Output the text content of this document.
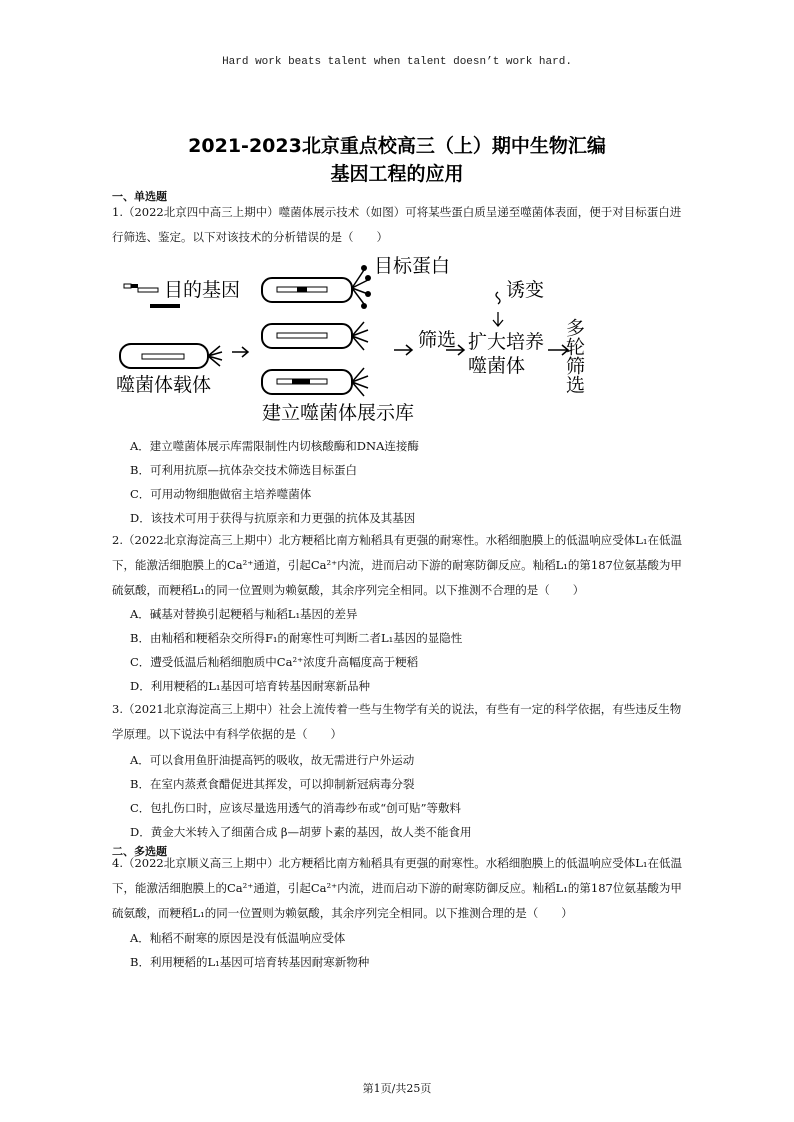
Hard work beats talent when talent doesn’t work hard.
2021-2023北京重点校高三（上）期中生物汇编
基因工程的应用
一、单选题
1.（2022北京四中高三上期中）噬菌体展示技术（如图）可将某些蛋白质呈递至噬菌体表面，便于对目标蛋白进行筛选、鉴定。以下对该技术的分析错误的是（　　）
目的基因
噬菌体载体
目标蛋白
建立噬菌体展示库
筛选
诱变
扩大培养
噬菌体 多轮筛选
A．建立噬菌体展示库需限制性内切核酸酶和DNA连接酶
B．可利用抗原—抗体杂交技术筛选目标蛋白
C．可用动物细胞做宿主培养噬菌体
D．该技术可用于获得与抗原亲和力更强的抗体及其基因
2.（2022北京海淀高三上期中）北方粳稻比南方籼稻具有更强的耐寒性。水稻细胞膜上的低温响应受体L₁在低温下，能激活细胞膜上的Ca²⁺通道，引起Ca²⁺内流，进而启动下游的耐寒防御反应。籼稻L₁的第187位氨基酸为甲硫氨酸，而粳稻L₁的同一位置则为赖氨酸，其余序列完全相同。以下推测不合理的是（　　）
A．碱基对替换引起粳稻与籼稻L₁基因的差异
B．由籼稻和粳稻杂交所得F₁的耐寒性可判断二者L₁基因的显隐性
C．遭受低温后籼稻细胞质中Ca²⁺浓度升高幅度高于粳稻
D．利用粳稻的L₁基因可培育转基因耐寒新品种
3.（2021北京海淀高三上期中）社会上流传着一些与生物学有关的说法，有些有一定的科学依据，有些违反生物学原理。以下说法中有科学依据的是（　　）
A．可以食用鱼肝油提高钙的吸收，故无需进行户外运动
B．在室内蒸煮食醋促进其挥发，可以抑制新冠病毒分裂
C．包扎伤口时，应该尽量选用透气的消毒纱布或“创可贴”等敷料
D．黄金大米转入了细菌合成 β—胡萝卜素的基因，故人类不能食用
二、多选题
4.（2022北京顺义高三上期中）北方粳稻比南方籼稻具有更强的耐寒性。水稻细胞膜上的低温响应受体L₁在低温下，能激活细胞膜上的Ca²⁺通道，引起Ca²⁺内流，进而启动下游的耐寒防御反应。籼稻L₁的第187位氨基酸为甲硫氨酸，而粳稻L₁的同一位置则为赖氨酸，其余序列完全相同。以下推测合理的是（　　）
A．籼稻不耐寒的原因是没有低温响应受体
B．利用粳稻的L₁基因可培育转基因耐寒新物种
第1页/共25页
